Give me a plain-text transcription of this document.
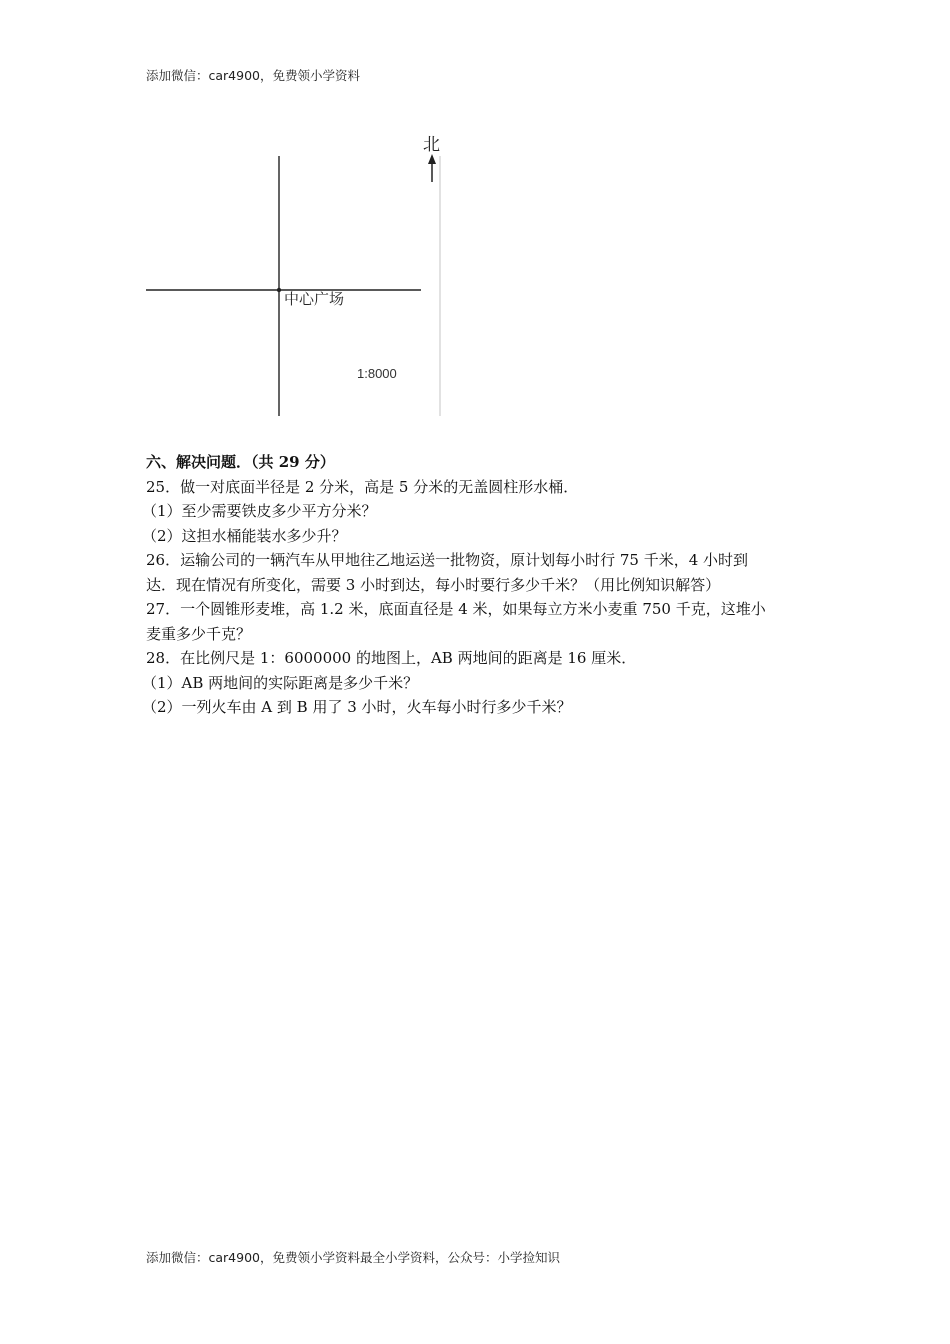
添加微信：car4900，免费领小学资料
北
中心广场
1:8000

六、解决问题．（共 29 分）

25．做一对底面半径是 2 分米，高是 5 分米的无盖圆柱形水桶．

（1）至少需要铁皮多少平方分米？

（2）这担水桶能装水多少升？

26．运输公司的一辆汽车从甲地往乙地运送一批物资，原计划每小时行 75 千米，4 小时到

达．现在情况有所变化，需要 3 小时到达，每小时要行多少千米？（用比例知识解答）

27．一个圆锥形麦堆，高 1.2 米，底面直径是 4 米，如果每立方米小麦重 750 千克，这堆小

麦重多少千克？

28．在比例尺是 1：6000000 的地图上，AB 两地间的距离是 16 厘米．

（1）AB 两地间的实际距离是多少千米？

（2）一列火车由 A 到 B 用了 3 小时，火车每小时行多少千米？

添加微信：car4900，免费领小学资料最全小学资料，公众号：小学捡知识
